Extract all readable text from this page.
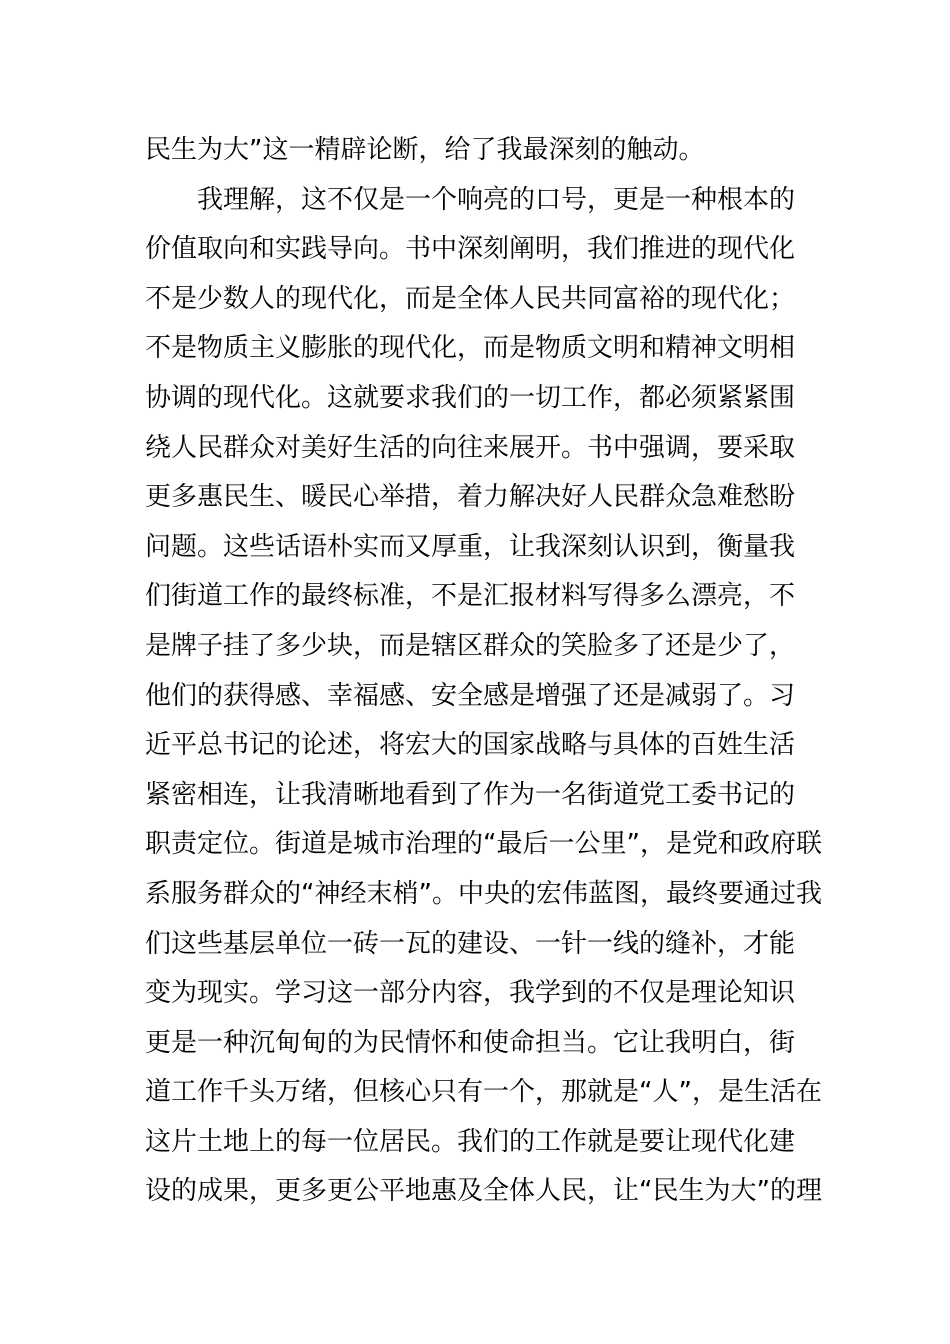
民生为大”这一精辟论断，给了我最深刻的触动。
我理解，这不仅是一个响亮的口号，更是一种根本的
价值取向和实践导向。书中深刻阐明，我们推进的现代化
不是少数人的现代化，而是全体人民共同富裕的现代化；
不是物质主义膨胀的现代化，而是物质文明和精神文明相
协调的现代化。这就要求我们的一切工作，都必须紧紧围
绕人民群众对美好生活的向往来展开。书中强调，要采取
更多惠民生、暖民心举措，着力解决好人民群众急难愁盼
问题。这些话语朴实而又厚重，让我深刻认识到，衡量我
们街道工作的最终标准，不是汇报材料写得多么漂亮，不
是牌子挂了多少块，而是辖区群众的笑脸多了还是少了，
他们的获得感、幸福感、安全感是增强了还是减弱了。习
近平总书记的论述，将宏大的国家战略与具体的百姓生活
紧密相连，让我清晰地看到了作为一名街道党工委书记的
职责定位。街道是城市治理的“最后一公里”，是党和政府联
系服务群众的“神经末梢”。中央的宏伟蓝图，最终要通过我
们这些基层单位一砖一瓦的建设、一针一线的缝补，才能
变为现实。学习这一部分内容，我学到的不仅是理论知识
更是一种沉甸甸的为民情怀和使命担当。它让我明白，街
道工作千头万绪，但核心只有一个，那就是“人”，是生活在
这片土地上的每一位居民。我们的工作就是要让现代化建
设的成果，更多更公平地惠及全体人民，让“民生为大”的理
